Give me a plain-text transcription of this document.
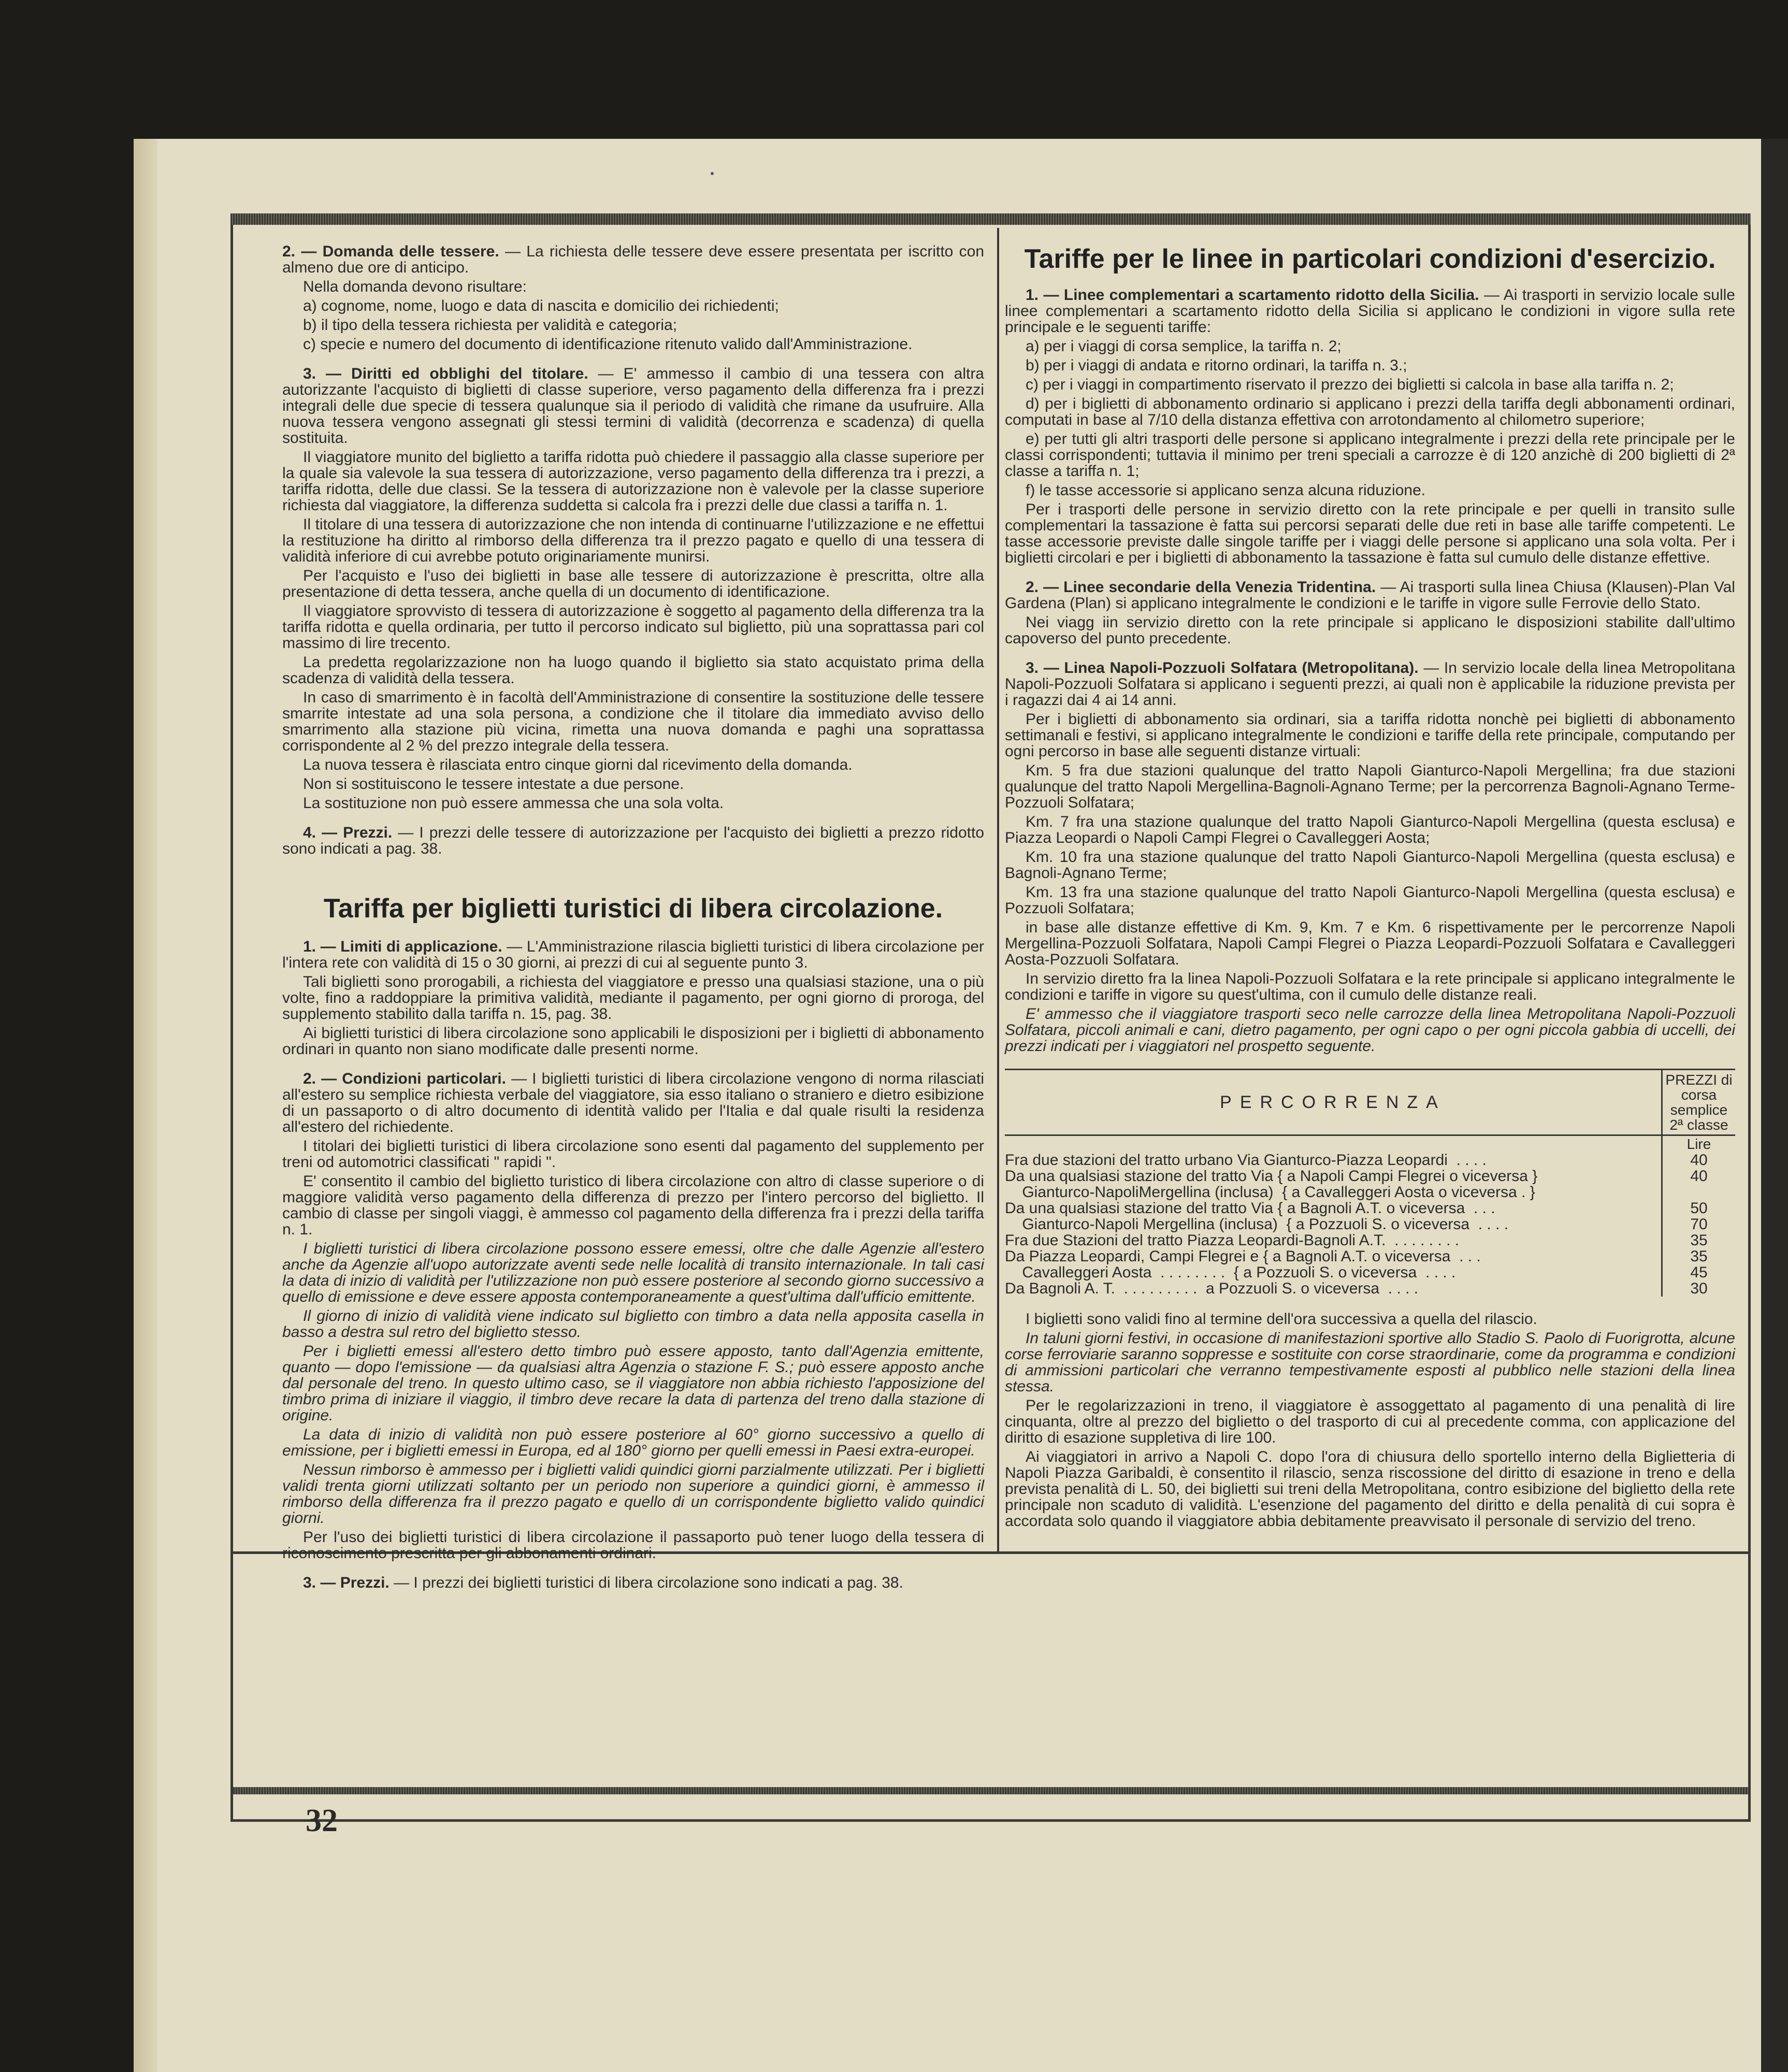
2. — Domanda delle tessere. — La richiesta delle tessere deve essere presentata per iscritto con almeno due ore di anticipo.

Nella domanda devono risultare:

a) cognome, nome, luogo e data di nascita e domicilio dei richiedenti;

b) il tipo della tessera richiesta per validità e categoria;

c) specie e numero del documento di identificazione ritenuto valido dall'Amministrazione.

3. — Diritti ed obblighi del titolare. — E' ammesso il cambio di una tessera con altra autorizzante l'acquisto di biglietti di classe superiore, verso pagamento della differenza fra i prezzi integrali delle due specie di tessera qualunque sia il periodo di validità che rimane da usufruire. Alla nuova tessera vengono assegnati gli stessi termini di validità (decorrenza e scadenza) di quella sostituita.

Il viaggiatore munito del biglietto a tariffa ridotta può chiedere il passaggio alla classe superiore per la quale sia valevole la sua tessera di autorizzazione, verso pagamento della differenza tra i prezzi, a tariffa ridotta, delle due classi. Se la tessera di autorizzazione non è valevole per la classe superiore richiesta dal viaggiatore, la differenza suddetta si calcola fra i prezzi delle due classi a tariffa n. 1.

Il titolare di una tessera di autorizzazione che non intenda di continuarne l'utilizzazione e ne effettui la restituzione ha diritto al rimborso della differenza tra il prezzo pagato e quello di una tessera di validità inferiore di cui avrebbe potuto originariamente munirsi.

Per l'acquisto e l'uso dei biglietti in base alle tessere di autorizzazione è prescritta, oltre alla presentazione di detta tessera, anche quella di un documento di identificazione.

Il viaggiatore sprovvisto di tessera di autorizzazione è soggetto al pagamento della differenza tra la tariffa ridotta e quella ordinaria, per tutto il percorso indicato sul biglietto, più una soprattassa pari col massimo di lire trecento.

La predetta regolarizzazione non ha luogo quando il biglietto sia stato acquistato prima della scadenza di validità della tessera.

In caso di smarrimento è in facoltà dell'Amministrazione di consentire la sostituzione delle tessere smarrite intestate ad una sola persona, a condizione che il titolare dia immediato avviso dello smarrimento alla stazione più vicina, rimetta una nuova domanda e paghi una soprattassa corrispondente al 2 % del prezzo integrale della tessera.

La nuova tessera è rilasciata entro cinque giorni dal ricevimento della domanda.

Non si sostituiscono le tessere intestate a due persone.

La sostituzione non può essere ammessa che una sola volta.

4. — Prezzi. — I prezzi delle tessere di autorizzazione per l'acquisto dei biglietti a prezzo ridotto sono indicati a pag. 38.

Tariffa per biglietti turistici di libera circolazione.

1. — Limiti di applicazione. — L'Amministrazione rilascia biglietti turistici di libera circolazione per l'intera rete con validità di 15 o 30 giorni, ai prezzi di cui al seguente punto 3.

Tali biglietti sono prorogabili, a richiesta del viaggiatore e presso una qualsiasi stazione, una o più volte, fino a raddoppiare la primitiva validità, mediante il pagamento, per ogni giorno di proroga, del supplemento stabilito dalla tariffa n. 15, pag. 38.

Ai biglietti turistici di libera circolazione sono applicabili le disposizioni per i biglietti di abbonamento ordinari in quanto non siano modificate dalle presenti norme.

2. — Condizioni particolari. — I biglietti turistici di libera circolazione vengono di norma rilasciati all'estero su semplice richiesta verbale del viaggiatore, sia esso italiano o straniero e dietro esibizione di un passaporto o di altro documento di identità valido per l'Italia e dal quale risulti la residenza all'estero del richiedente.

I titolari dei biglietti turistici di libera circolazione sono esenti dal pagamento del supplemento per treni od automotrici classificati " rapidi ".

E' consentito il cambio del biglietto turistico di libera circolazione con altro di classe superiore o di maggiore validità verso pagamento della differenza di prezzo per l'intero percorso del biglietto. Il cambio di classe per singoli viaggi, è ammesso col pagamento della differenza fra i prezzi della tariffa n. 1.

I biglietti turistici di libera circolazione possono essere emessi, oltre che dalle Agenzie all'estero anche da Agenzie all'uopo autorizzate aventi sede nelle località di transito internazionale. In tali casi la data di inizio di validità per l'utilizzazione non può essere posteriore al secondo giorno successivo a quello di emissione e deve essere apposta contemporaneamente a quest'ultima dall'ufficio emittente.

Il giorno di inizio di validità viene indicato sul biglietto con timbro a data nella apposita casella in basso a destra sul retro del biglietto stesso.

Per i biglietti emessi all'estero detto timbro può essere apposto, tanto dall'Agenzia emittente, quanto — dopo l'emissione — da qualsiasi altra Agenzia o stazione F. S.; può essere apposto anche dal personale del treno. In questo ultimo caso, se il viaggiatore non abbia richiesto l'apposizione del timbro prima di iniziare il viaggio, il timbro deve recare la data di partenza del treno dalla stazione di origine.

La data di inizio di validità non può essere posteriore al 60° giorno successivo a quello di emissione, per i biglietti emessi in Europa, ed al 180° giorno per quelli emessi in Paesi extra-europei.

Nessun rimborso è ammesso per i biglietti validi quindici giorni parzialmente utilizzati. Per i biglietti validi trenta giorni utilizzati soltanto per un periodo non superiore a quindici giorni, è ammesso il rimborso della differenza fra il prezzo pagato e quello di un corrispondente biglietto valido quindici giorni.

Per l'uso dei biglietti turistici di libera circolazione il passaporto può tener luogo della tessera di riconoscimento prescritta per gli abbonamenti ordinari.

3. — Prezzi. — I prezzi dei biglietti turistici di libera circolazione sono indicati a pag. 38.

Tariffe per le linee in particolari condizioni d'esercizio.

1. — Linee complementari a scartamento ridotto della Sicilia. — Ai trasporti in servizio locale sulle linee complementari a scartamento ridotto della Sicilia si applicano le condizioni in vigore sulla rete principale e le seguenti tariffe:

a) per i viaggi di corsa semplice, la tariffa n. 2;

b) per i viaggi di andata e ritorno ordinari, la tariffa n. 3.;

c) per i viaggi in compartimento riservato il prezzo dei biglietti si calcola in base alla tariffa n. 2;

d) per i biglietti di abbonamento ordinario si applicano i prezzi della tariffa degli abbonamenti ordinari, computati in base al 7/10 della distanza effettiva con arrotondamento al chilometro superiore;

e) per tutti gli altri trasporti delle persone si applicano integralmente i prezzi della rete principale per le classi corrispondenti; tuttavia il minimo per treni speciali a carrozze è di 120 anzichè di 200 biglietti di 2ª classe a tariffa n. 1;

f) le tasse accessorie si applicano senza alcuna riduzione.

Per i trasporti delle persone in servizio diretto con la rete principale e per quelli in transito sulle complementari la tassazione è fatta sui percorsi separati delle due reti in base alle tariffe competenti. Le tasse accessorie previste dalle singole tariffe per i viaggi delle persone si applicano una sola volta. Per i biglietti circolari e per i biglietti di abbonamento la tassazione è fatta sul cumulo delle distanze effettive.

2. — Linee secondarie della Venezia Tridentina. — Ai trasporti sulla linea Chiusa (Klausen)-Plan Val Gardena (Plan) si applicano integralmente le condizioni e le tariffe in vigore sulle Ferrovie dello Stato.

Nei viagg iin servizio diretto con la rete principale si applicano le disposizioni stabilite dall'ultimo capoverso del punto precedente.

3. — Linea Napoli-Pozzuoli Solfatara (Metropolitana). — In servizio locale della linea Metropolitana Napoli-Pozzuoli Solfatara si applicano i seguenti prezzi, ai quali non è applicabile la riduzione prevista per i ragazzi dai 4 ai 14 anni.

Per i biglietti di abbonamento sia ordinari, sia a tariffa ridotta nonchè pei biglietti di abbonamento settimanali e festivi, si applicano integralmente le condizioni e tariffe della rete principale, computando per ogni percorso in base alle seguenti distanze virtuali:

Km. 5 fra due stazioni qualunque del tratto Napoli Gianturco-Napoli Mergellina; fra due stazioni qualunque del tratto Napoli Mergellina-Bagnoli-Agnano Terme; per la percorrenza Bagnoli-Agnano Terme-Pozzuoli Solfatara;

Km. 7 fra una stazione qualunque del tratto Napoli Gianturco-Napoli Mergellina (questa esclusa) e Piazza Leopardi o Napoli Campi Flegrei o Cavalleggeri Aosta;

Km. 10 fra una stazione qualunque del tratto Napoli Gianturco-Napoli Mergellina (questa esclusa) e Bagnoli-Agnano Terme;

Km. 13 fra una stazione qualunque del tratto Napoli Gianturco-Napoli Mergellina (questa esclusa) e Pozzuoli Solfatara;

in base alle distanze effettive di Km. 9, Km. 7 e Km. 6 rispettivamente per le percorrenze Napoli Mergellina-Pozzuoli Solfatara, Napoli Campi Flegrei o Piazza Leopardi-Pozzuoli Solfatara e Cavalleggeri Aosta-Pozzuoli Solfatara.

In servizio diretto fra la linea Napoli-Pozzuoli Solfatara e la rete principale si applicano integralmente le condizioni e tariffe in vigore su quest'ultima, con il cumulo delle distanze reali.

E' ammesso che il viaggiatore trasporti seco nelle carrozze della linea Metropolitana Napoli-Pozzuoli Solfatara, piccoli animali e cani, dietro pagamento, per ogni capo o per ogni piccola gabbia di uccelli, dei prezzi indicati per i viaggiatori nel prospetto seguente.

PERCORRENZA
PREZZI di corsa semplice 2ª classe
Lire
Fra due stazioni del tratto urbano Via Gianturco-Piazza Leopardi  . . . .	40
Da una qualsiasi stazione del tratto Via { a Napoli Campi Flegrei o viceversa }	40
Gianturco-NapoliMergellina (inclusa)  { a Cavalleggeri Aosta o viceversa . }
Da una qualsiasi stazione del tratto Via { a Bagnoli A.T. o viceversa  . . .	50
Gianturco-Napoli Mergellina (inclusa)  { a Pozzuoli S. o viceversa  . . . .	70
Fra due Stazioni del tratto Piazza Leopardi-Bagnoli A.T.  . . . . . . . .	35
Da Piazza Leopardi, Campi Flegrei e { a Bagnoli A.T. o viceversa  . . .	35
Cavalleggeri Aosta  . . . . . . . .  { a Pozzuoli S. o viceversa  . . . .	45
Da Bagnoli A. T.  . . . . . . . . .  a Pozzuoli S. o viceversa  . . . .	30

I biglietti sono validi fino al termine dell'ora successiva a quella del rilascio.

In taluni giorni festivi, in occasione di manifestazioni sportive allo Stadio S. Paolo di Fuorigrotta, alcune corse ferroviarie saranno soppresse e sostituite con corse straordinarie, come da programma e condizioni di ammissioni particolari che verranno tempestivamente esposti al pubblico nelle stazioni della linea stessa.

Per le regolarizzazioni in treno, il viaggiatore è assoggettato al pagamento di una penalità di lire cinquanta, oltre al prezzo del biglietto o del trasporto di cui al precedente comma, con applicazione del diritto di esazione suppletiva di lire 100.

Ai viaggiatori in arrivo a Napoli C. dopo l'ora di chiusura dello sportello interno della Biglietteria di Napoli Piazza Garibaldi, è consentito il rilascio, senza riscossione del diritto di esazione in treno e della prevista penalità di L. 50, dei biglietti sui treni della Metropolitana, contro esibizione del biglietto della rete principale non scaduto di validità. L'esenzione del pagamento del diritto e della penalità di cui sopra è accordata solo quando il viaggiatore abbia debitamente preavvisato il personale di servizio del treno.

32
